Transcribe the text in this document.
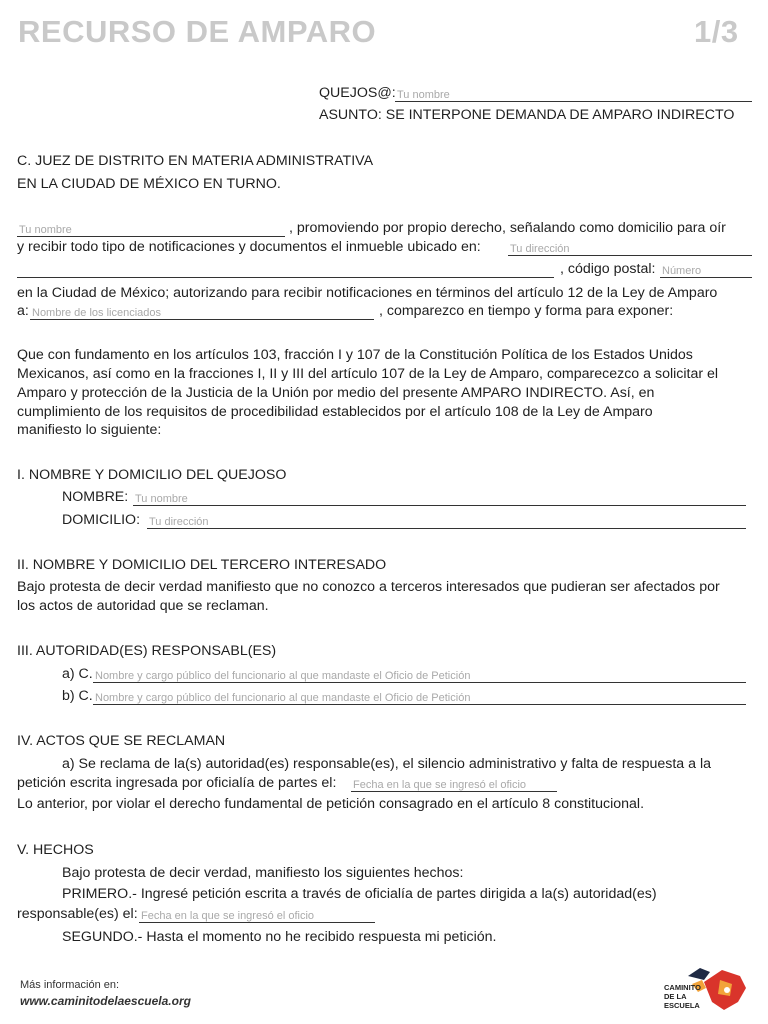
RECURSO DE AMPARO	1/3
QUEJOS@: Tu nombre
ASUNTO: SE INTERPONE DEMANDA DE AMPARO INDIRECTO
C. JUEZ DE DISTRITO EN MATERIA ADMINISTRATIVA
EN LA CIUDAD DE MÉXICO EN TURNO.
Tu nombre	, promoviendo por propio derecho, señalando como domicilio para oír
y recibir todo tipo de notificaciones y documentos el inmueble ubicado en:	Tu dirección
, código postal: Número
en la Ciudad de México; autorizando para recibir notificaciones en términos del artículo 12 de la Ley de Amparo
a: Nombre de los licenciados	, comparezco en tiempo y forma para exponer:
Que con fundamento en los artículos 103, fracción I y 107 de la Constitución Política de los Estados Unidos
Mexicanos, así como en la fracciones I, II y III del artículo 107 de la Ley de Amparo, comparecezco a solicitar el
Amparo y protección de la Justicia de la Unión por medio del presente AMPARO INDIRECTO. Así, en
cumplimiento de los requisitos de procedibilidad establecidos por el artículo 108 de la Ley de Amparo
manifiesto lo siguiente:
I. NOMBRE Y DOMICILIO DEL QUEJOSO
NOMBRE: Tu nombre
DOMICILIO: Tu dirección
II. NOMBRE Y DOMICILIO DEL TERCERO INTERESADO
Bajo protesta de decir verdad manifiesto que no conozco a terceros interesados que pudieran ser afectados por
los actos de autoridad que se reclaman.
III. AUTORIDAD(ES) RESPONSABL(ES)
a) C. Nombre y cargo público del funcionario al que mandaste el Oficio de Petición
b) C. Nombre y cargo público del funcionario al que mandaste el Oficio de Petición
IV. ACTOS QUE SE RECLAMAN
a) Se reclama de la(s) autoridad(es) responsable(es), el silencio administrativo y falta de respuesta a la
petición escrita ingresada por oficialía de partes el: Fecha en la que se ingresó el oficio
Lo anterior, por violar el derecho fundamental de petición consagrado en el artículo 8 constitucional.
V. HECHOS
Bajo protesta de decir verdad, manifiesto los siguientes hechos:
PRIMERO.- Ingresé petición escrita a través de oficialía de partes dirigida a la(s) autoridad(es)
responsable(es) el: Fecha en la que se ingresó el oficio
SEGUNDO.- Hasta el momento no he recibido respuesta mi petición.
Más información en:
www.caminitodelaescuela.org
CAMINITO
DE LA
ESCUELA
